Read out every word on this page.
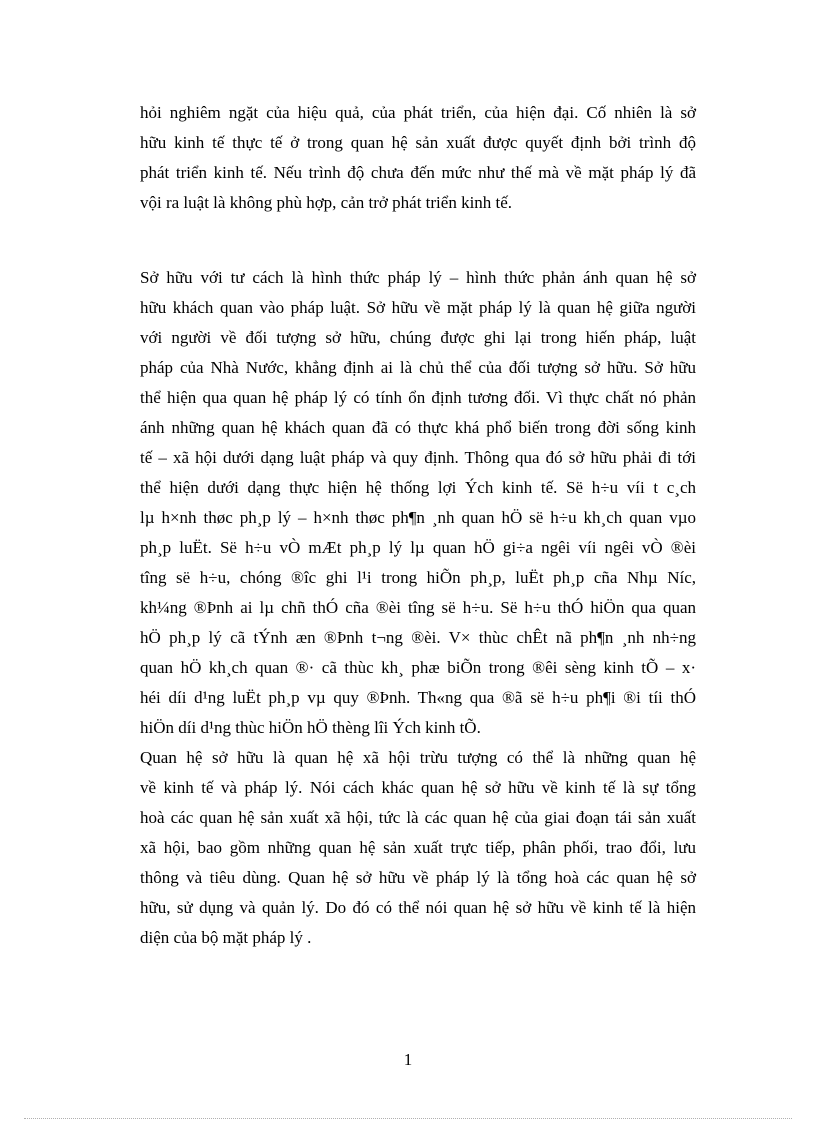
hỏi nghiêm ngặt của hiệu quả, của phát triển, của hiện đại. Cố nhiên là sở
hữu kinh tế thực tế ở trong quan hệ sản xuất được quyết định bởi trình độ
phát triển kinh tế. Nếu trình độ chưa đến mức như thế mà về mặt pháp lý đã
vội ra luật là không phù hợp, cản trở phát triển kinh tế.
Sở hữu với tư cách là hình thức pháp lý – hình thức phản ánh quan hệ sở
hữu khách quan vào pháp luật. Sở hữu về mặt pháp lý là quan hệ giữa người
với người về đối tượng sở hữu, chúng được ghi lại trong hiến pháp, luật
pháp của Nhà Nước, khẳng định ai là chủ thể của đối tượng sở hữu. Sở hữu
thể hiện qua quan hệ pháp lý có tính ổn định tương đối. Vì thực chất nó phản
ánh những quan hệ khách quan đã có thực khá phổ biến trong đời sống kinh
tế – xã hội dưới dạng luật pháp và quy định. Thông qua đó sở hữu phải đi tới
thể hiện dưới dạng thực hiện hệ thống lợi Ých kinh tế. Së h÷u víi t c¸ch
lµ h×nh thøc ph¸p lý – h×nh thøc ph¶n ¸nh quan hÖ së h÷u kh¸ch quan vµo
ph¸p luËt. Së h÷u vÒ mÆt ph¸p lý lµ quan hÖ gi÷a ngêi víi ngêi vÒ ®èi
tîng së h÷u, chóng ®îc ghi l¹i trong hiÕn ph¸p, luËt ph¸p cña Nhµ Níc,
kh¼ng ®Þnh ai lµ chñ thÓ cña ®èi tîng së h÷u. Së h÷u thÓ hiÖn qua quan
hÖ ph¸p lý cã tÝnh æn ®Þnh t¬ng ®èi. V× thùc chÊt nã ph¶n ¸nh nh÷ng
quan hÖ kh¸ch quan ®· cã thùc kh¸ phæ biÕn trong ®êi sèng kinh tÕ – x·
héi díi d¹ng luËt ph¸p vµ quy ®Þnh. Th«ng qua ®ã së h÷u ph¶i ®i tíi thÓ
hiÖn díi d¹ng thùc hiÖn hÖ thèng lîi Ých kinh tÕ.
Quan hệ sở hữu là quan hệ xã hội trừu tượng có thể là những quan hệ
về kinh tế và pháp lý. Nói cách khác quan hệ sở hữu về kinh tế là sự tổng
hoà các quan hệ sản xuất xã hội, tức là các quan hệ của giai đoạn tái sản xuất
xã hội, bao gồm những quan hệ sản xuất trực tiếp, phân phối, trao đổi, lưu
thông và tiêu dùng. Quan hệ sở hữu về pháp lý là tổng hoà các quan hệ sở
hữu, sử dụng và quản lý. Do đó có thể nói quan hệ sở hữu về kinh tế là hiện
diện của bộ mặt pháp lý .
1
